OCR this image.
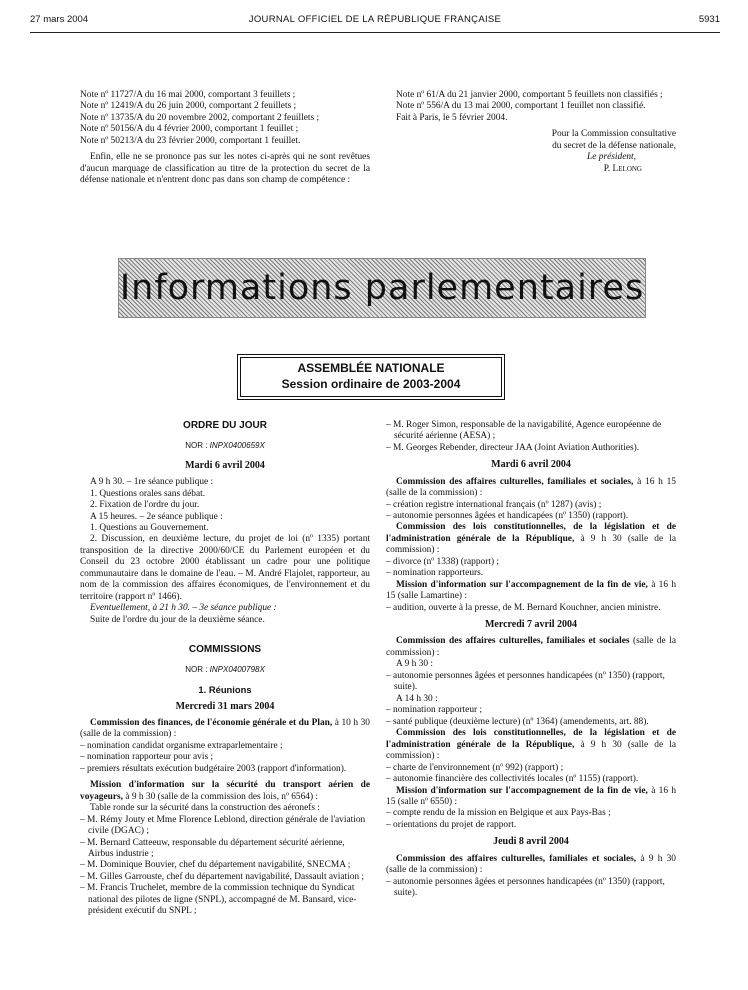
27 mars 2004	JOURNAL OFFICIEL DE LA RÉPUBLIQUE FRANÇAISE	5931

Note nº 11727/A du 16 mai 2000, comportant 3 feuillets ;

Note nº 12419/A du 26 juin 2000, comportant 2 feuillets ;

Note nº 13735/A du 20 novembre 2002, comportant 2 feuillets ;

Note nº 50156/A du 4 février 2000, comportant 1 feuillet ;

Note nº 50213/A du 23 février 2000, comportant 1 feuillet.

Enfin, elle ne se prononce pas sur les notes ci-après qui ne sont revêtues d'aucun marquage de classification au titre de la protection du secret de la défense nationale et n'entrent donc pas dans son champ de compétence :

Note nº 61/A du 21 janvier 2000, comportant 5 feuillets non classifiés ;

Note nº 556/A du 13 mai 2000, comportant 1 feuillet non classifié.

Fait à Paris, le 5 février 2004.

Pour la Commission consultative

du secret de la défense nationale,

Le président,

P. Lelong

Informations parlementaires
ASSEMBLÉE NATIONALE
Session ordinaire de 2003-2004

ORDRE DU JOUR

NOR : INPX0400659X

Mardi 6 avril 2004

A 9 h 30. – 1re séance publique :

1. Questions orales sans débat.

2. Fixation de l'ordre du jour.

A 15 heures. – 2e séance publique :

1. Questions au Gouvernement.

2. Discussion, en deuxième lecture, du projet de loi (nº 1335) portant transposition de la directive 2000/60/CE du Parlement européen et du Conseil du 23 octobre 2000 établissant un cadre pour une politique communautaire dans le domaine de l'eau. – M. André Flajolet, rapporteur, au nom de la commission des affaires économiques, de l'environnement et du territoire (rapport nº 1466).

Eventuellement, à 21 h 30. – 3e séance publique :

Suite de l'ordre du jour de la deuxième séance.

COMMISSIONS

NOR : INPX0400798X

1. Réunions

Mercredi 31 mars 2004

Commission des finances, de l'économie générale et du Plan, à 10 h 30 (salle de la commission) :

– nomination candidat organisme extraparlementaire ;

– nomination rapporteur pour avis ;

– premiers résultats exécution budgétaire 2003 (rapport d'information).

Mission d'information sur la sécurité du transport aérien de voyageurs, à 9 h 30 (salle de la commission des lois, nº 6564) :

Table ronde sur la sécurité dans la construction des aéronefs :

– M. Rémy Jouty et Mme Florence Leblond, direction générale de l'aviation civile (DGAC) ;

– M. Bernard Catteeuw, responsable du département sécurité aérienne, Airbus industrie ;

– M. Dominique Bouvier, chef du département navigabilité, SNECMA ;

– M. Gilles Garrouste, chef du département navigabilité, Dassault aviation ;

– M. Francis Truchelet, membre de la commission technique du Syndicat national des pilotes de ligne (SNPL), accompagné de M. Bansard, vice-président exécutif du SNPL ;

– M. Roger Simon, responsable de la navigabilité, Agence européenne de sécurité aérienne (AESA) ;

– M. Georges Rebender, directeur JAA (Joint Aviation Authorities).

Mardi 6 avril 2004

Commission des affaires culturelles, familiales et sociales, à 16 h 15 (salle de la commission) :

– création registre international français (nº 1287) (avis) ;

– autonomie personnes âgées et handicapées (nº 1350) (rapport).

Commission des lois constitutionnelles, de la législation et de l'administration générale de la République, à 9 h 30 (salle de la commission) :

– divorce (nº 1338) (rapport) ;

– nomination rapporteurs.

Mission d'information sur l'accompagnement de la fin de vie, à 16 h 15 (salle Lamartine) :

– audition, ouverte à la presse, de M. Bernard Kouchner, ancien ministre.

Mercredi 7 avril 2004

Commission des affaires culturelles, familiales et sociales (salle de la commission) :

A 9 h 30 :

– autonomie personnes âgées et personnes handicapées (nº 1350) (rapport, suite).

A 14 h 30 :

– nomination rapporteur ;

– santé publique (deuxième lecture) (nº 1364) (amendements, art. 88).

Commission des lois constitutionnelles, de la législation et de l'administration générale de la République, à 9 h 30 (salle de la commission) :

– charte de l'environnement (nº 992) (rapport) ;

– autonomie financière des collectivités locales (nº 1155) (rapport).

Mission d'information sur l'accompagnement de la fin de vie, à 16 h 15 (salle nº 6550) :

– compte rendu de la mission en Belgique et aux Pays-Bas ;

– orientations du projet de rapport.

Jeudi 8 avril 2004

Commission des affaires culturelles, familiales et sociales, à 9 h 30 (salle de la commission) :

– autonomie personnes âgées et personnes handicapées (nº 1350) (rapport, suite).
